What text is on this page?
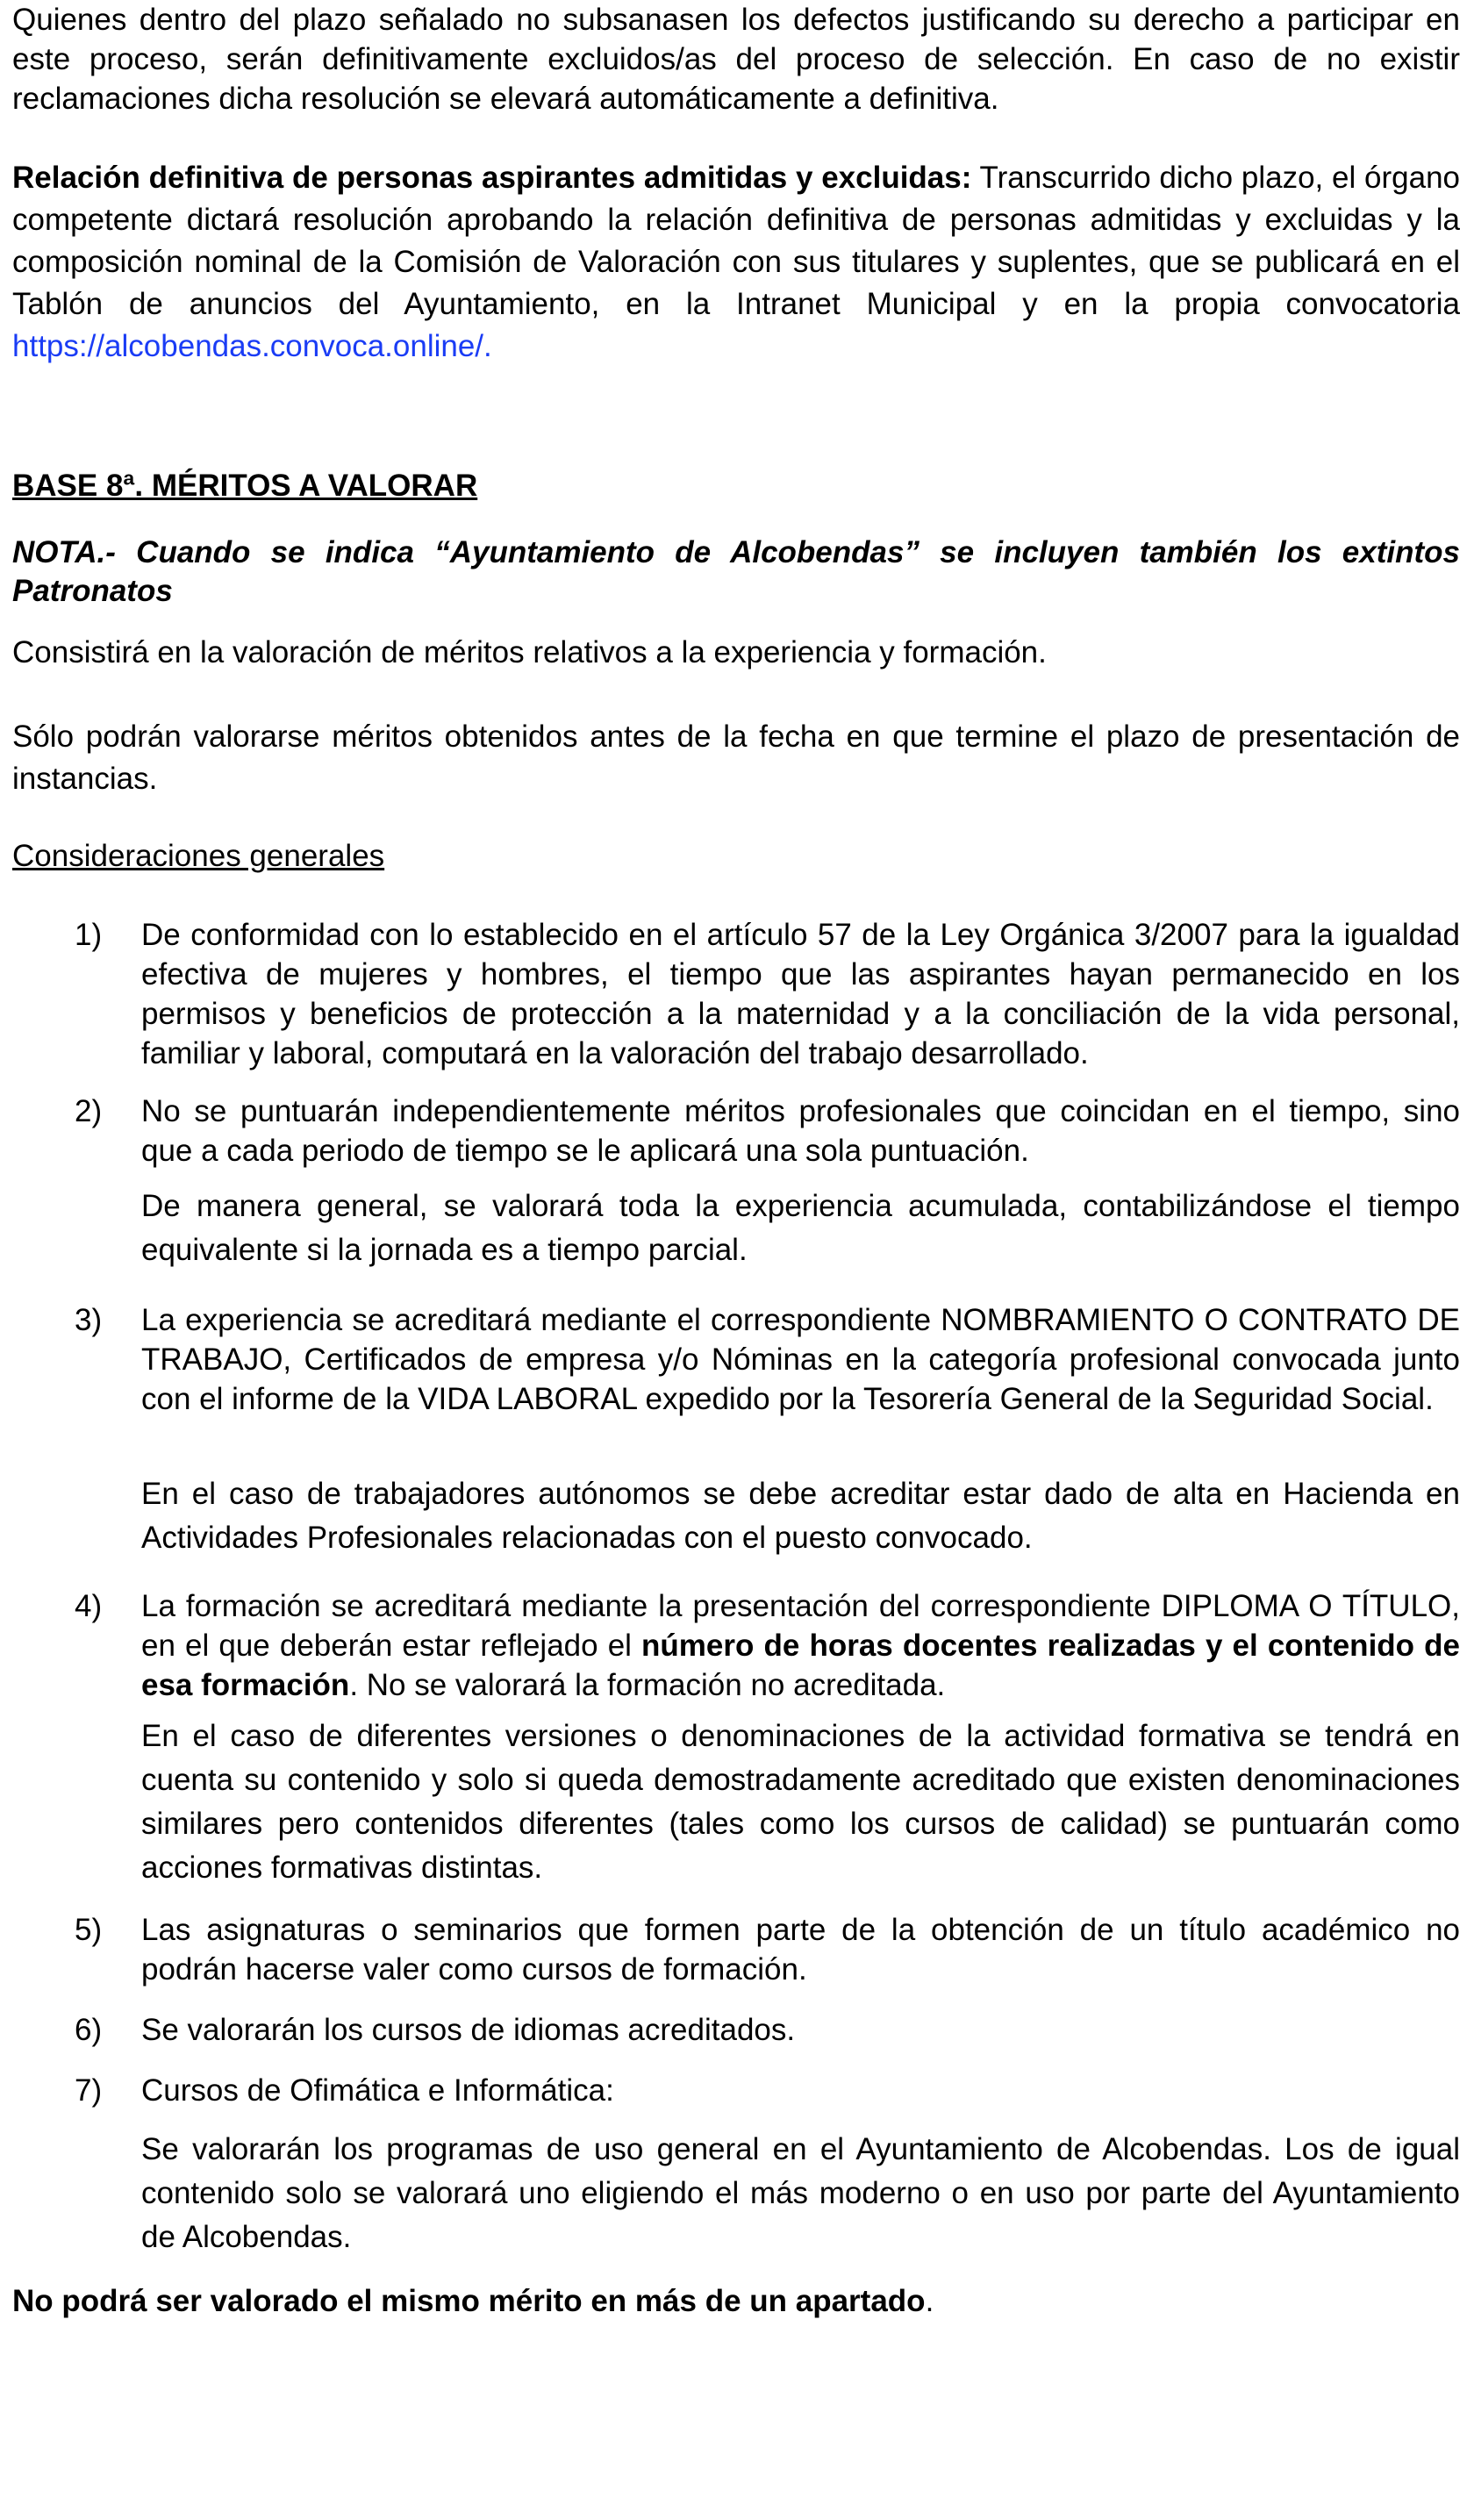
Quienes dentro del plazo señalado no subsanasen los defectos justificando su derecho a participar en este proceso, serán definitivamente excluidos/as del proceso de selección. En caso de no existir reclamaciones dicha resolución se elevará automáticamente a definitiva.

Relación definitiva de personas aspirantes admitidas y excluidas: Transcurrido dicho plazo, el órgano competente dictará resolución aprobando la relación definitiva de personas admitidas y excluidas y la composición nominal de la Comisión de Valoración con sus titulares y suplentes, que se publicará en el Tablón de anuncios del Ayuntamiento, en la Intranet Municipal y en la propia convocatoria https://alcobendas.convoca.online/.

BASE 8ª. MÉRITOS A VALORAR

NOTA.- Cuando se indica “Ayuntamiento de Alcobendas” se incluyen también los extintos Patronatos

Consistirá en la valoración de méritos relativos a la experiencia y formación.

Sólo podrán valorarse méritos obtenidos antes de la fecha en que termine el plazo de presentación de instancias.

Consideraciones generales

1) De conformidad con lo establecido en el artículo 57 de la Ley Orgánica 3/2007 para la igualdad efectiva de mujeres y hombres, el tiempo que las aspirantes hayan permanecido en los permisos y beneficios de protección a la maternidad y a la conciliación de la vida personal, familiar y laboral, computará en la valoración del trabajo desarrollado.

2) No se puntuarán independientemente méritos profesionales que coincidan en el tiempo, sino que a cada periodo de tiempo se le aplicará una sola puntuación.

De manera general, se valorará toda la experiencia acumulada, contabilizándose el tiempo equivalente si la jornada es a tiempo parcial.

3) La experiencia se acreditará mediante el correspondiente NOMBRAMIENTO O CONTRATO DE TRABAJO, Certificados de empresa y/o Nóminas en la categoría profesional convocada junto con el informe de la VIDA LABORAL expedido por la Tesorería General de la Seguridad Social.

En el caso de trabajadores autónomos se debe acreditar estar dado de alta en Hacienda en Actividades Profesionales relacionadas con el puesto convocado.

4) La formación se acreditará mediante la presentación del correspondiente DIPLOMA O TÍTULO, en el que deberán estar reflejado el número de horas docentes realizadas y el contenido de esa formación. No se valorará la formación no acreditada.

En el caso de diferentes versiones o denominaciones de la actividad formativa se tendrá en cuenta su contenido y solo si queda demostradamente acreditado que existen denominaciones similares pero contenidos diferentes (tales como los cursos de calidad) se puntuarán como acciones formativas distintas.

5) Las asignaturas o seminarios que formen parte de la obtención de un título académico no podrán hacerse valer como cursos de formación.

6) Se valorarán los cursos de idiomas acreditados.

7) Cursos de Ofimática e Informática:

Se valorarán los programas de uso general en el Ayuntamiento de Alcobendas. Los de igual contenido solo se valorará uno eligiendo el más moderno o en uso por parte del Ayuntamiento de Alcobendas.

No podrá ser valorado el mismo mérito en más de un apartado.
